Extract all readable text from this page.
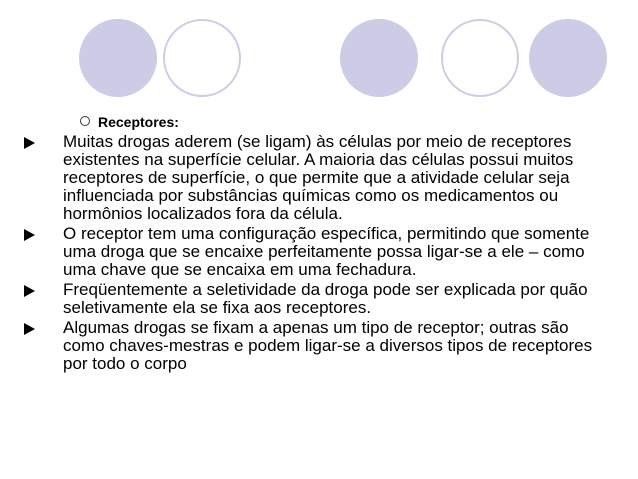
Receptores:
Muitas drogas aderem (se ligam) às células por meio de receptores existentes na superfície celular. A maioria das células possui muitos receptores de superfície, o que permite que a atividade celular seja influenciada por substâncias químicas como os medicamentos ou hormônios localizados fora da célula.
O receptor tem uma configuração específica, permitindo que somente uma droga que se encaixe perfeitamente possa ligar-se a ele – como uma chave que se encaixa em uma fechadura.
Freqüentemente a seletividade da droga pode ser explicada por quão seletivamente ela se fixa aos receptores.
Algumas drogas se fixam a apenas um tipo de receptor; outras são como chaves-mestras e podem ligar-se a diversos tipos de receptores por todo o corpo
